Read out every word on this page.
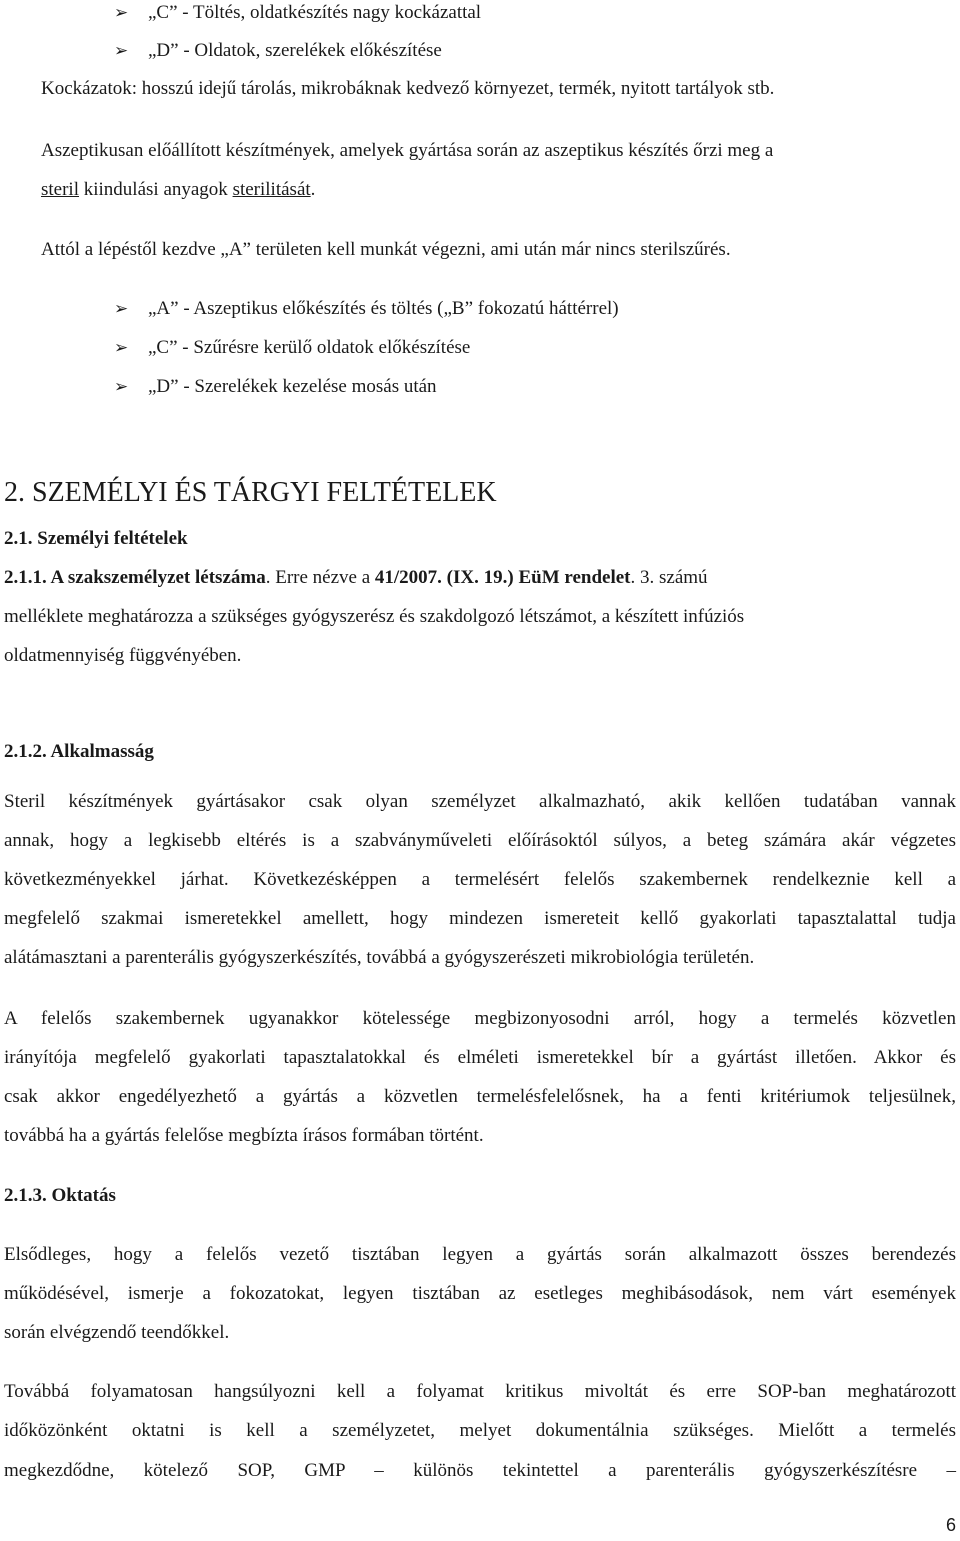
➢ „C” - Töltés, oldatkészítés nagy kockázattal
➢ „D” - Oldatok, szerelékek előkészítése
Kockázatok: hosszú idejű tárolás, mikrobáknak kedvező környezet, termék, nyitott tartályok stb.
Aszeptikusan előállított készítmények, amelyek gyártása során az aszeptikus készítés őrzi meg a
steril kiindulási anyagok sterilitását.
Attól a lépéstől kezdve „A” területen kell munkát végezni, ami után már nincs sterilszűrés.
➢ „A” - Aszeptikus előkészítés és töltés („B” fokozatú háttérrel)
➢ „C” - Szűrésre kerülő oldatok előkészítése
➢ „D” - Szerelékek kezelése mosás után
2. SZEMÉLYI ÉS TÁRGYI FELTÉTELEK
2.1. Személyi feltételek
2.1.1. A szakszemélyzet létszáma. Erre nézve a 41/2007. (IX. 19.) EüM rendelet. 3. számú
melléklete meghatározza a szükséges gyógyszerész és szakdolgozó létszámot, a készített infúziós
oldatmennyiség függvényében.
2.1.2. Alkalmasság
Steril készítmények gyártásakor csak olyan személyzet alkalmazható, akik kellően tudatában vannak
annak, hogy a legkisebb eltérés is a szabványműveleti előírásoktól súlyos, a beteg számára akár végzetes
következményekkel járhat. Következésképpen a termelésért felelős szakembernek rendelkeznie kell a
megfelelő szakmai ismeretekkel amellett, hogy mindezen ismereteit kellő gyakorlati tapasztalattal tudja
alátámasztani a parenterális gyógyszerkészítés, továbbá a gyógyszerészeti mikrobiológia területén.
A felelős szakembernek ugyanakkor kötelessége megbizonyosodni arról, hogy a termelés közvetlen
irányítója megfelelő gyakorlati tapasztalatokkal és elméleti ismeretekkel bír a gyártást illetően. Akkor és
csak akkor engedélyezhető a gyártás a közvetlen termelésfelelősnek, ha a fenti kritériumok teljesülnek,
továbbá ha a gyártás felelőse megbízta írásos formában történt.
2.1.3. Oktatás
Elsődleges, hogy a felelős vezető tisztában legyen a gyártás során alkalmazott összes berendezés
működésével, ismerje a fokozatokat, legyen tisztában az esetleges meghibásodások, nem várt események
során elvégzendő teendőkkel.
Továbbá folyamatosan hangsúlyozni kell a folyamat kritikus mivoltát és erre SOP-ban meghatározott
időközönként oktatni is kell a személyzetet, melyet dokumentálnia szükséges. Mielőtt a termelés
megkezdődne, kötelező SOP, GMP – különös tekintettel a parenterális gyógyszerkészítésre –
6
